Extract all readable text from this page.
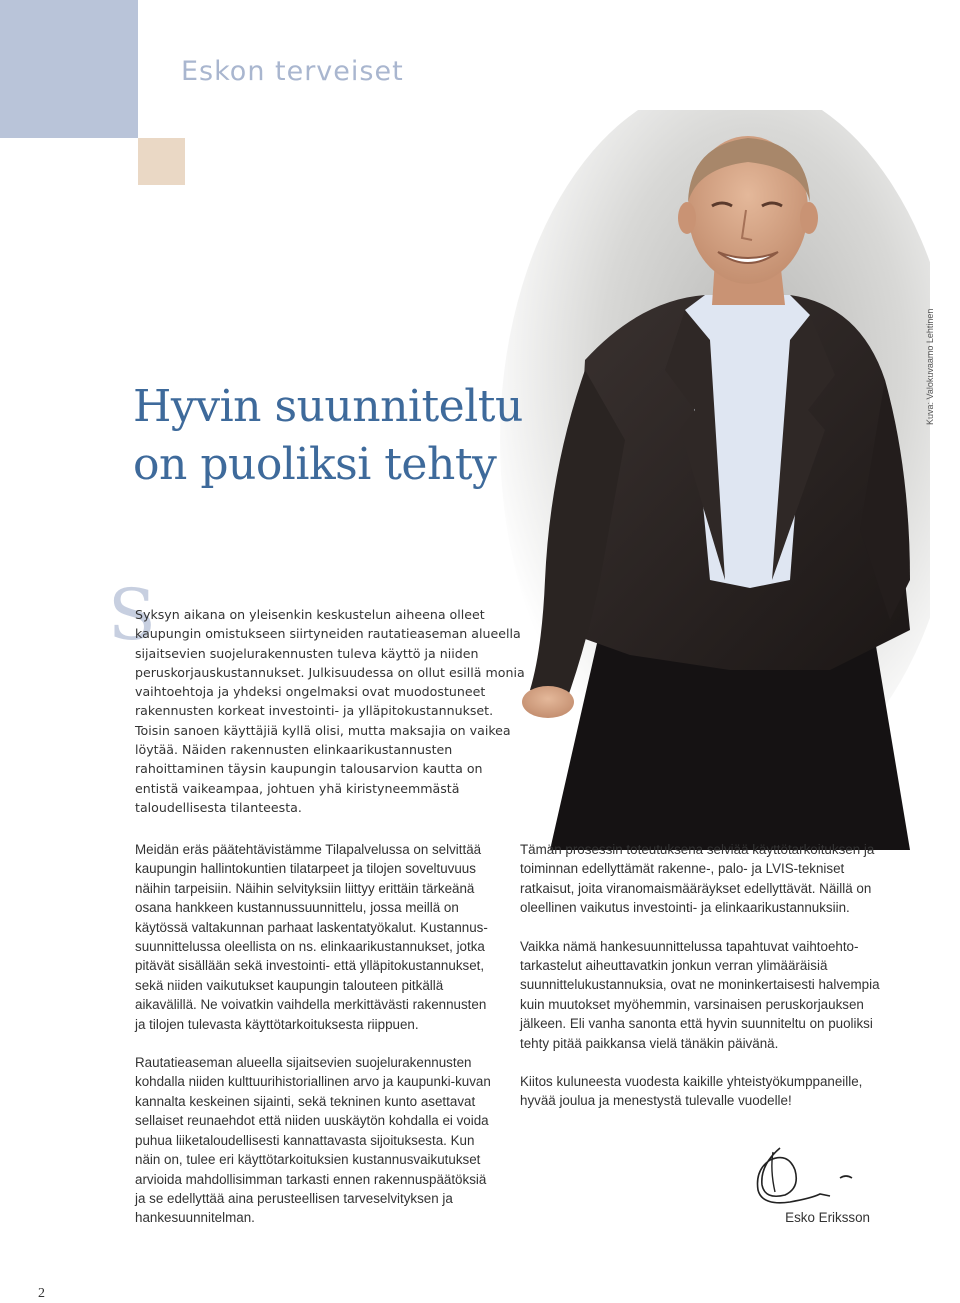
Eskon terveiset
Kuva: Valokuvaamo Lehtinen
Hyvin suunniteltu
on puoliksi tehty
S

Syksyn aikana on yleisenkin keskustelun aiheena olleet kaupungin omistukseen siirtyneiden rautatieaseman alueella sijaitsevien suojelurakennusten tuleva käyttö ja niiden peruskorjauskustannukset. Julkisuudessa on ollut esillä monia vaihtoehtoja ja yhdeksi ongelmaksi ovat muodostuneet rakennusten korkeat investointi- ja ylläpitokustannukset. Toisin sanoen käyttäjiä kyllä olisi, mutta maksajia on vaikea löytää. Näiden rakennusten elinkaarikustannusten rahoittaminen täysin kaupungin talousarvion kautta on entistä vaikeampaa, johtuen yhä kiristyneemmästä taloudellisesta tilanteesta.

Meidän eräs päätehtävistämme Tilapalvelussa on selvittää kaupungin hallintokuntien tilatarpeet ja tilojen soveltuvuus näihin tarpeisiin. Näihin selvityksiin liittyy erittäin tärkeänä osana hankkeen kustannussuunnittelu, jossa meillä on käytössä valtakunnan parhaat laskentatyökalut. Kustannus-suunnittelussa oleellista on ns. elinkaarikustannukset, jotka pitävät sisällään sekä investointi- että ylläpitokustannukset, sekä niiden vaikutukset kaupungin talouteen pitkällä aikavälillä. Ne voivatkin vaihdella merkittävästi rakennusten ja tilojen tulevasta käyttötarkoituksesta riippuen.

Rautatieaseman alueella sijaitsevien suojelurakennusten kohdalla niiden kulttuurihistoriallinen arvo ja kaupunki-kuvan kannalta keskeinen sijainti, sekä tekninen kunto asettavat sellaiset reunaehdot että niiden uuskäytön kohdalla ei voida puhua liiketaloudellisesti kannattavasta sijoituksesta. Kun näin on, tulee eri käyttötarkoituksien kustannusvaikutukset arvioida mahdollisimman tarkasti ennen rakennuspäätöksiä ja se edellyttää aina perusteellisen tarveselvityksen ja hankesuunnitelman.

Tämän prosessin toteutuksena selviää käyttötarkoituksen ja toiminnan edellyttämät rakenne-, palo- ja LVIS-tekniset ratkaisut, joita viranomaismääräykset edellyttävät. Näillä on oleellinen vaikutus investointi- ja elinkaarikustannuksiin.

Vaikka nämä hankesuunnittelussa tapahtuvat vaihtoehto-tarkastelut aiheuttavatkin jonkun verran ylimääräisiä suunnittelukustannuksia, ovat ne moninkertaisesti halvempia kuin muutokset myöhemmin, varsinaisen peruskorjauksen jälkeen. Eli vanha sanonta että hyvin suunniteltu on puoliksi tehty pitää paikkansa vielä tänäkin päivänä.

Kiitos kuluneesta vuodesta kaikille yhteistyökumppaneille, hyvää joulua ja menestystä tulevalle vuodelle!

Esko Eriksson
2
